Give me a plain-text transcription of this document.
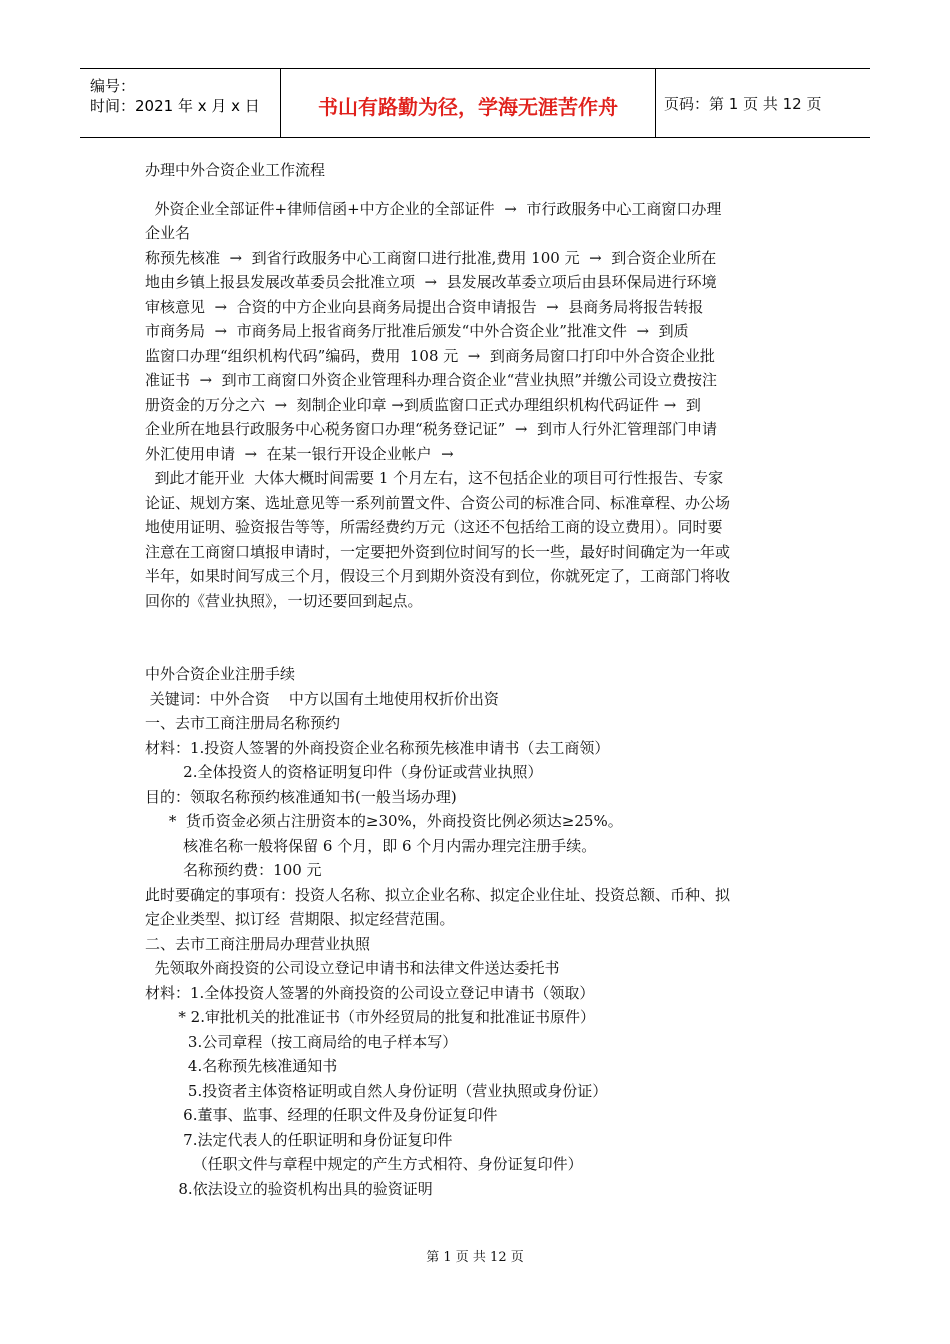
编号：
时间：2021 年 x 月 x 日	书山有路勤为径，学海无涯苦作舟	页码：第 1 页 共 12 页

办理中外合资企业工作流程

外资企业全部证件+律师信函+中方企业的全部证件  →  市行政服务中心工商窗口办理

企业名

称预先核准  →  到省行政服务中心工商窗口进行批准,费用 100 元  →  到合资企业所在

地由乡镇上报县发展改革委员会批准立项  →  县发展改革委立项后由县环保局进行环境

审核意见  →  合资的中方企业向县商务局提出合资申请报告  →  县商务局将报告转报

市商务局  →  市商务局上报省商务厅批准后颁发“中外合资企业”批准文件  →  到质

监窗口办理“组织机构代码”编码，费用  108 元  →  到商务局窗口打印中外合资企业批

准证书  →  到市工商窗口外资企业管理科办理合资企业“营业执照”并缴公司设立费按注

册资金的万分之六  →  刻制企业印章 →到质监窗口正式办理组织机构代码证件 →  到

企业所在地县行政服务中心税务窗口办理“税务登记证”  →  到市人行外汇管理部门申请

外汇使用申请  →  在某一银行开设企业帐户  →

到此才能开业  大体大概时间需要 1 个月左右，这不包括企业的项目可行性报告、专家

论证、规划方案、选址意见等一系列前置文件、合资公司的标准合同、标准章程、办公场

地使用证明、验资报告等等，所需经费约万元（这还不包括给工商的设立费用）。同时要

注意在工商窗口填报申请时，一定要把外资到位时间写的长一些，最好时间确定为一年或

半年，如果时间写成三个月，假设三个月到期外资没有到位，你就死定了，工商部门将收

回你的《营业执照》，一切还要回到起点。

中外合资企业注册手续

关键词：中外合资    中方以国有土地使用权折价出资

一、去市工商注册局名称预约

材料：1.投资人签署的外商投资企业名称预先核准申请书（去工商领）

2.全体投资人的资格证明复印件（身份证或营业执照）

目的：领取名称预约核准通知书(一般当场办理)

*  货币资金必须占注册资本的≥30%，外商投资比例必须达≥25%。

核准名称一般将保留 6 个月，即 6 个月内需办理完注册手续。

名称预约费：100 元

此时要确定的事项有：投资人名称、拟立企业名称、拟定企业住址、投资总额、币种、拟

定企业类型、拟订经  营期限、拟定经营范围。

二、去市工商注册局办理营业执照

先领取外商投资的公司设立登记申请书和法律文件送达委托书

材料：1.全体投资人签署的外商投资的公司设立登记申请书（领取）

* 2.审批机关的批准证书（市外经贸局的批复和批准证书原件）

3.公司章程（按工商局给的电子样本写）

4.名称预先核准通知书

5.投资者主体资格证明或自然人身份证明（营业执照或身份证）

6.董事、监事、经理的任职文件及身份证复印件

7.法定代表人的任职证明和身份证复印件

（任职文件与章程中规定的产生方式相符、身份证复印件）

8.依法设立的验资机构出具的验资证明

第 1 页 共 12 页
